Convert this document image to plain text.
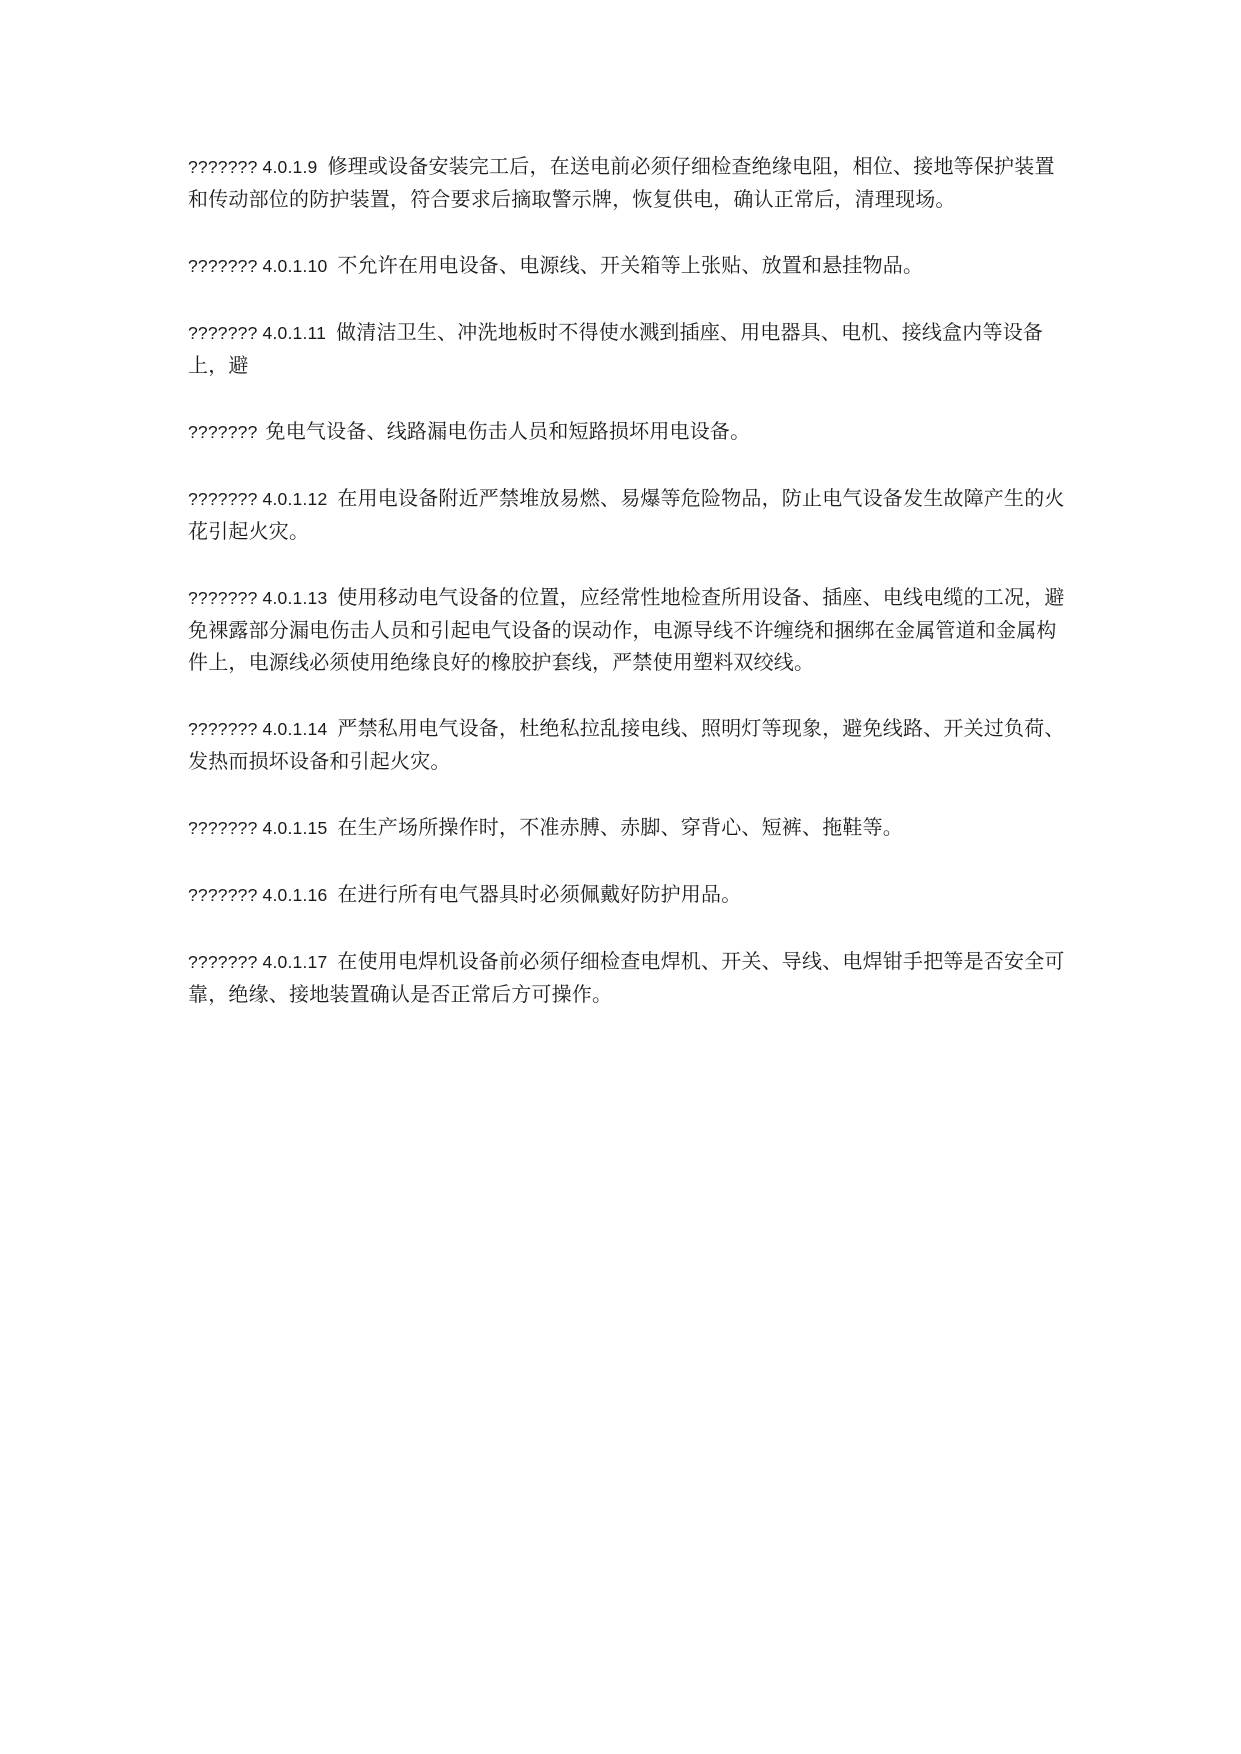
??????? 4.0.1.9 修理或设备安装完工后，在送电前必须仔细检查绝缘电阻，相位、接地等保护装置和传动部位的防护装置，符合要求后摘取警示牌，恢复供电，确认正常后，清理现场。

??????? 4.0.1.10 不允许在用电设备、电源线、开关箱等上张贴、放置和悬挂物品。

??????? 4.0.1.11 做清洁卫生、冲洗地板时不得使水溅到插座、用电器具、电机、接线盒内等设备上，避

??????? 免电气设备、线路漏电伤击人员和短路损坏用电设备。

??????? 4.0.1.12 在用电设备附近严禁堆放易燃、易爆等危险物品，防止电气设备发生故障产生的火花引起火灾。

??????? 4.0.1.13 使用移动电气设备的位置，应经常性地检查所用设备、插座、电线电缆的工况，避免裸露部分漏电伤击人员和引起电气设备的误动作，电源导线不许缠绕和捆绑在金属管道和金属构件上，电源线必须使用绝缘良好的橡胶护套线，严禁使用塑料双绞线。

??????? 4.0.1.14 严禁私用电气设备，杜绝私拉乱接电线、照明灯等现象，避免线路、开关过负荷、发热而损坏设备和引起火灾。

??????? 4.0.1.15 在生产场所操作时，不准赤膊、赤脚、穿背心、短裤、拖鞋等。

??????? 4.0.1.16 在进行所有电气器具时必须佩戴好防护用品。

??????? 4.0.1.17 在使用电焊机设备前必须仔细检查电焊机、开关、导线、电焊钳手把等是否安全可靠，绝缘、接地装置确认是否正常后方可操作。
